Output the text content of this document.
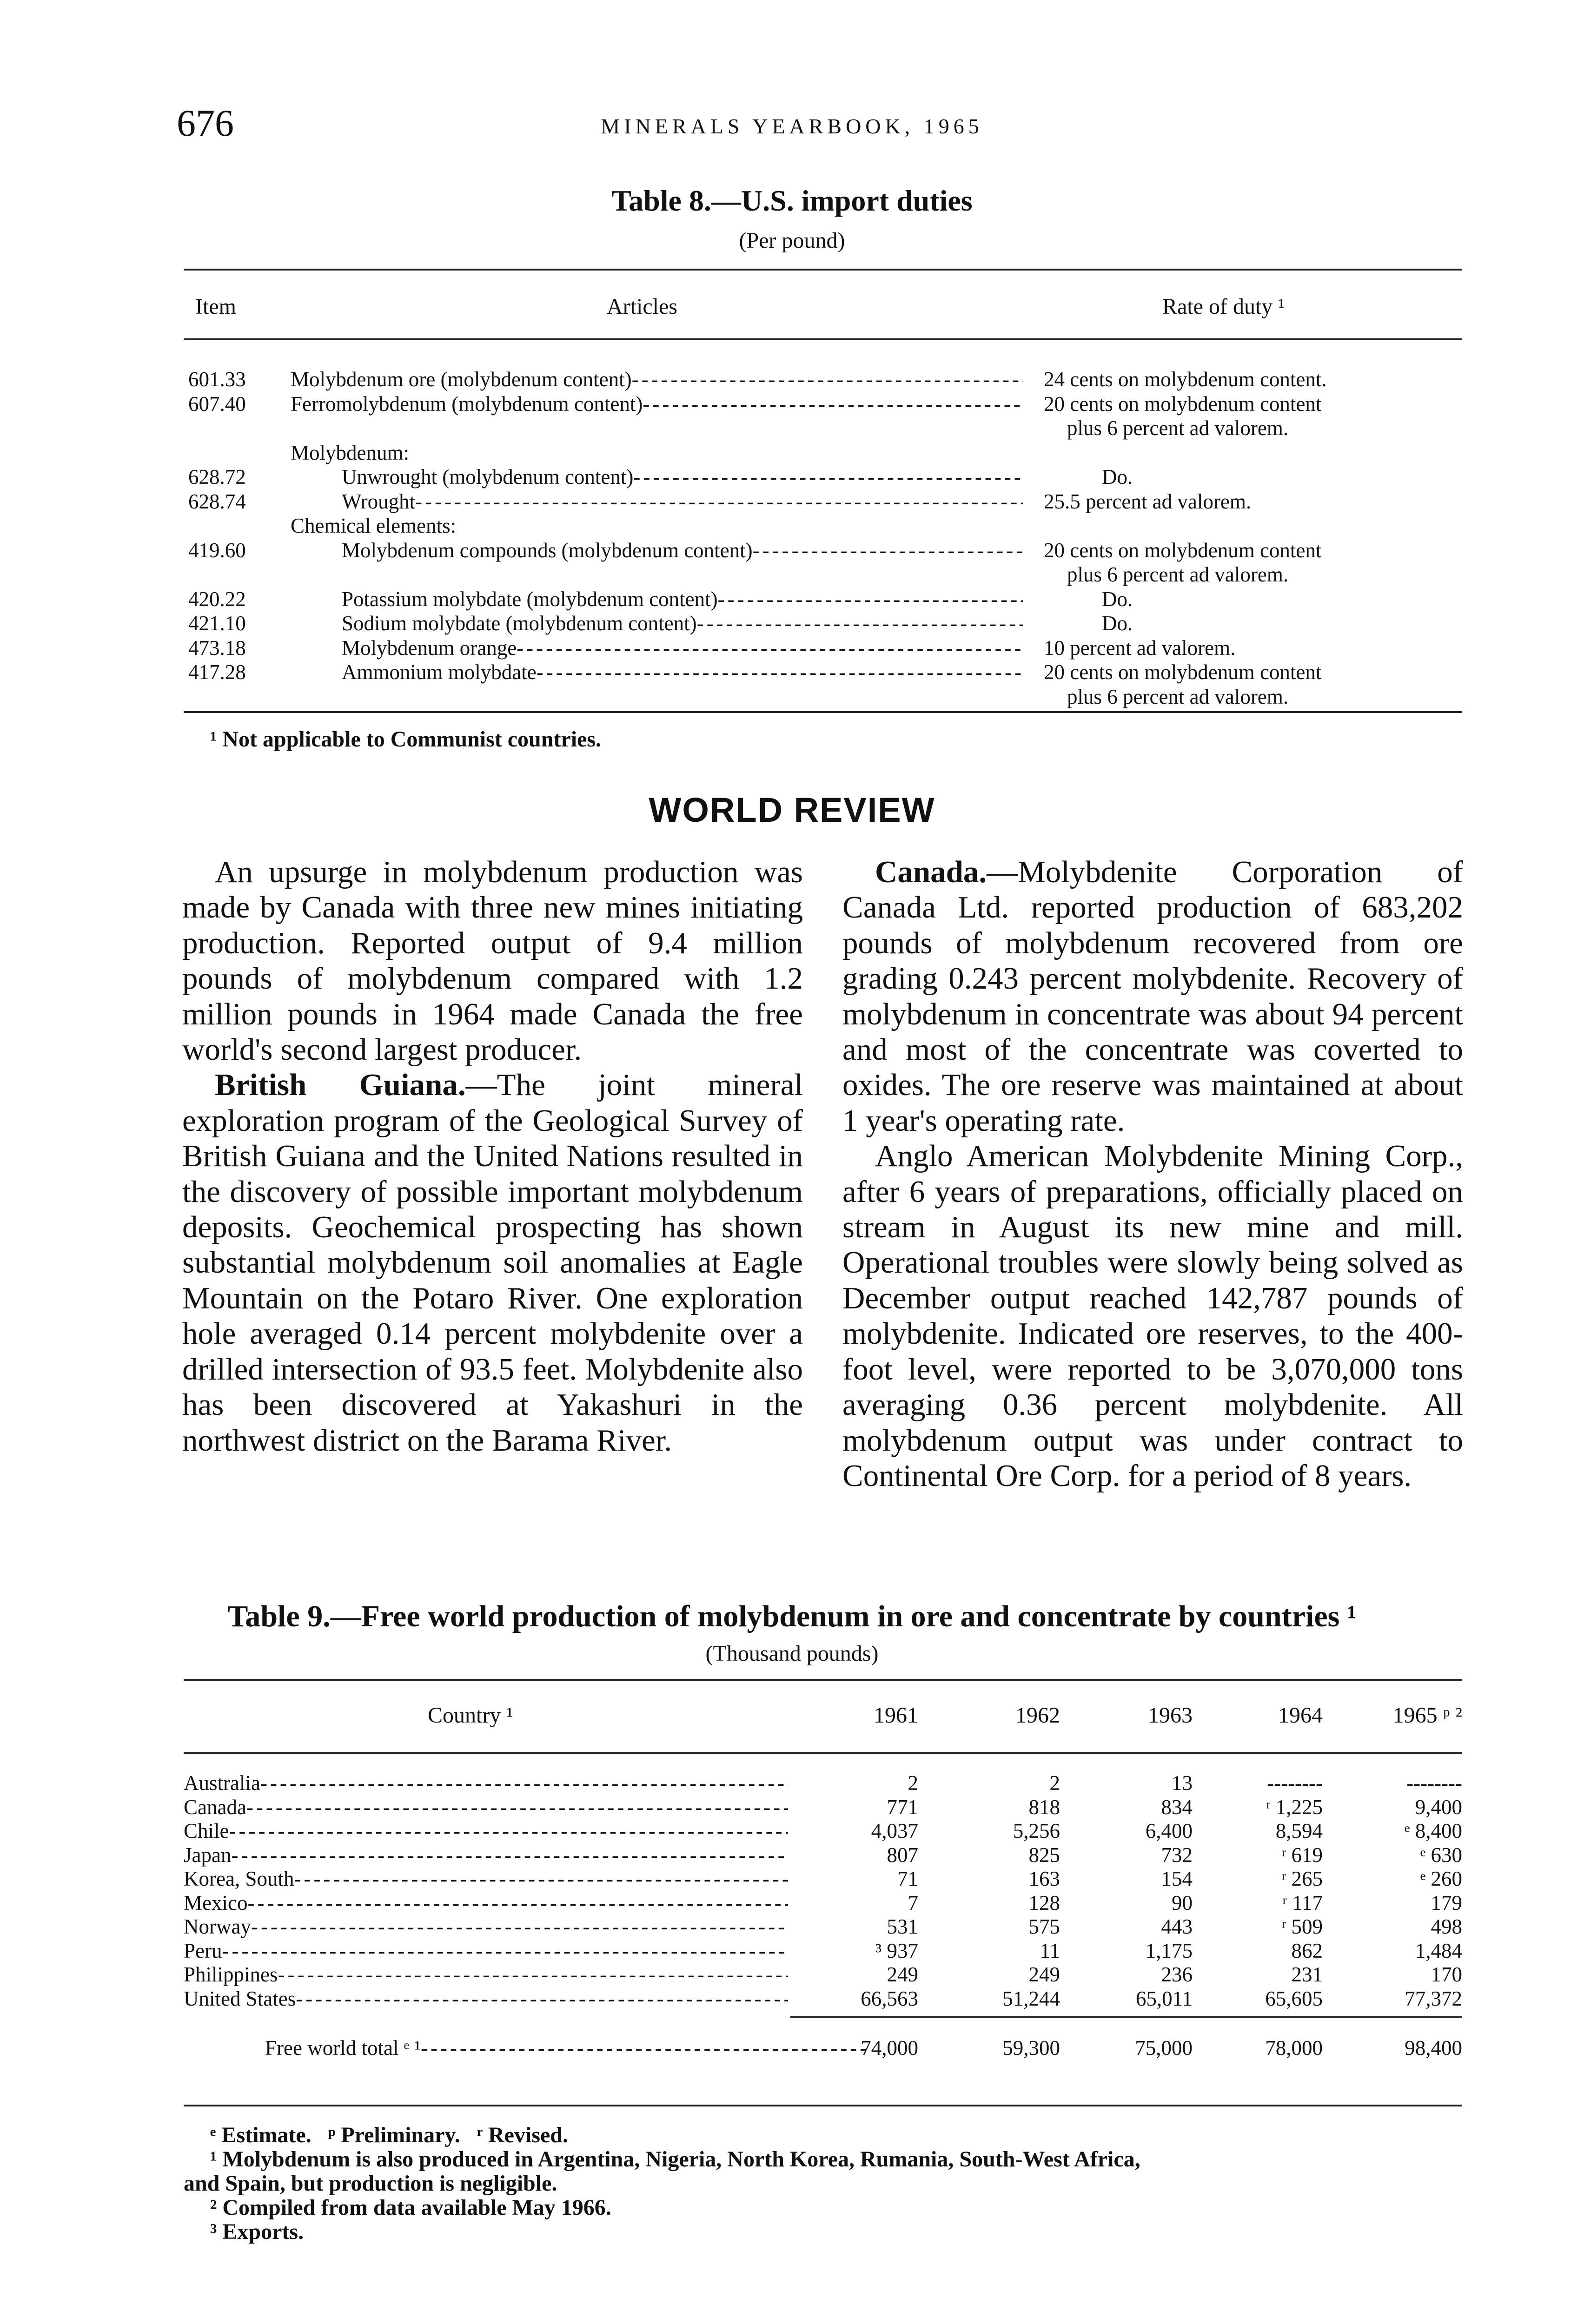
676	MINERALS YEARBOOK, 1965
Table 8.—U.S. import duties
(Per pound)
Item	Articles	Rate of duty ¹
601.33	Molybdenum ore (molybdenum content) -----	24 cents on molybdenum content.
607.40	Ferromolybdenum (molybdenum content) -----	20 cents on molybdenum content
plus 6 percent ad valorem.
Molybdenum:
628.72	Unwrought (molybdenum content) -----	Do.
628.74	Wrought -----	25.5 percent ad valorem.
Chemical elements:
419.60	Molybdenum compounds (molybdenum content) -----	20 cents on molybdenum content
plus 6 percent ad valorem.
420.22	Potassium molybdate (molybdenum content) -----	Do.
421.10	Sodium molybdate (molybdenum content) -----	Do.
473.18	Molybdenum orange -----	10 percent ad valorem.
417.28	Ammonium molybdate -----	20 cents on molybdenum content
plus 6 percent ad valorem.
¹ Not applicable to Communist countries.
WORLD REVIEW

An upsurge in molybdenum production was made by Canada with three new mines initiating production. Reported output of 9.4 million pounds of molybdenum compared with 1.2 million pounds in 1964 made Canada the free world's second largest producer.

British Guiana.—The joint mineral exploration program of the Geological Survey of British Guiana and the United Nations resulted in the discovery of possible important molybdenum deposits. Geochemical prospecting has shown substantial molybdenum soil anomalies at Eagle Mountain on the Potaro River. One exploration hole averaged 0.14 percent molybdenite over a drilled intersection of 93.5 feet. Molybdenite also has been discovered at Yakashuri in the northwest district on the Barama River.

Canada.—Molybdenite Corporation of Canada Ltd. reported production of 683,202 pounds of molybdenum recovered from ore grading 0.243 percent molybdenite. Recovery of molybdenum in concentrate was about 94 percent and most of the concentrate was coverted to oxides. The ore reserve was maintained at about 1 year's operating rate.

Anglo American Molybdenite Mining Corp., after 6 years of preparations, officially placed on stream in August its new mine and mill. Operational troubles were slowly being solved as December output reached 142,787 pounds of molybdenite. Indicated ore reserves, to the 400-foot level, were reported to be 3,070,000 tons averaging 0.36 percent molybdenite. All molybdenum output was under contract to Continental Ore Corp. for a period of 8 years.

Table 9.—Free world production of molybdenum in ore and concentrate by countries ¹
(Thousand pounds)
Country ¹	1961	1962	1963	1964	1965 ᵖ ²
Australia -----	2	2	13	--------	--------
Canada -----	771	818	834	ʳ 1,225	9,400
Chile -----	4,037	5,256	6,400	8,594	ᵉ 8,400
Japan -----	807	825	732	ʳ 619	ᵉ 630
Korea, South -----	71	163	154	ʳ 265	ᵉ 260
Mexico -----	7	128	90	ʳ 117	179
Norway -----	531	575	443	ʳ 509	498
Peru -----	³ 937	11	1,175	862	1,484
Philippines -----	249	249	236	231	170
United States -----	66,563	51,244	65,011	65,605	77,372
Free world total ᵉ ¹ -----	74,000	59,300	75,000	78,000	98,400
ᵉ Estimate.   ᵖ Preliminary.   ʳ Revised.
¹ Molybdenum is also produced in Argentina, Nigeria, North Korea, Rumania, South-West Africa,
and Spain, but production is negligible.
² Compiled from data available May 1966.
³ Exports.
